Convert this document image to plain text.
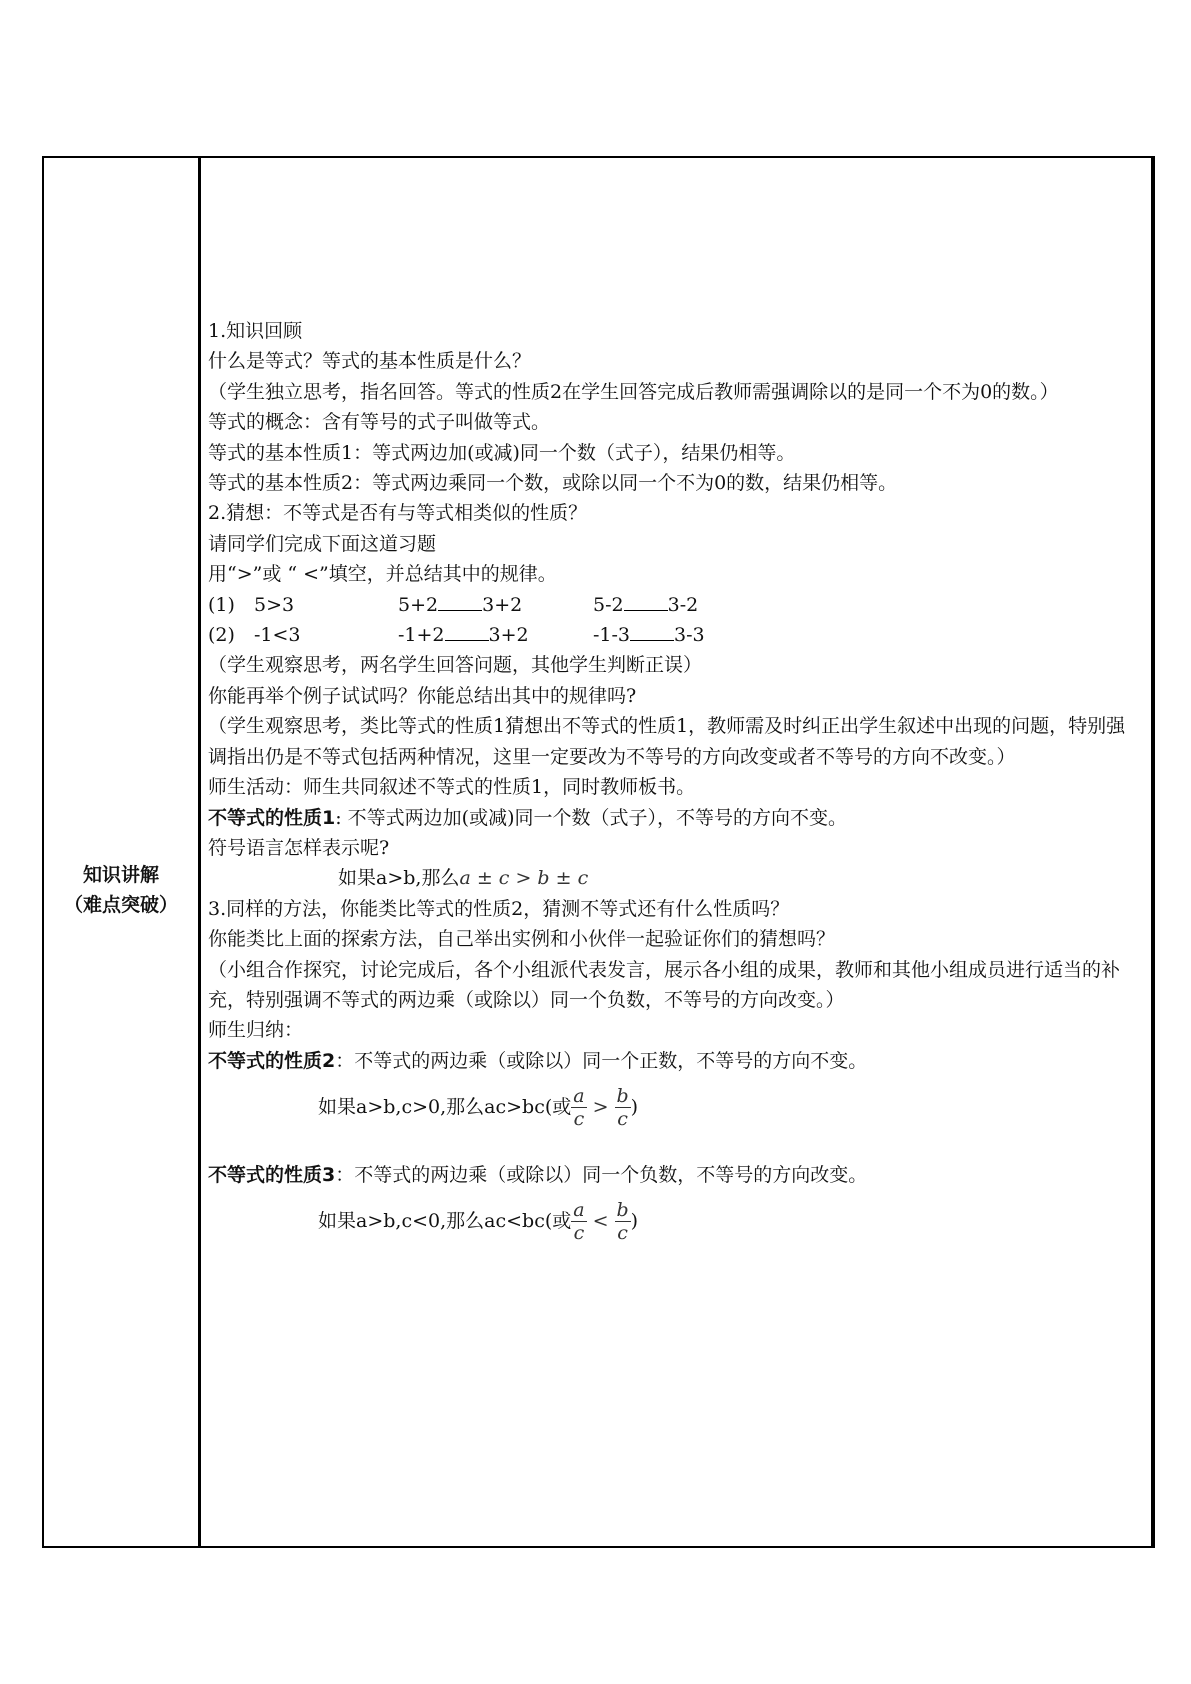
知识讲解
（难点突破）

1.知识回顾

什么是等式？等式的基本性质是什么？

（学生独立思考，指名回答。等式的性质2在学生回答完成后教师需强调除以的是同一个不为0的数。）

等式的概念：含有等号的式子叫做等式。

等式的基本性质1：等式两边加(或减)同一个数（式子），结果仍相等。

等式的基本性质2：等式两边乘同一个数，或除以同一个不为0的数，结果仍相等。

2.猜想：不等式是否有与等式相类似的性质？

请同学们完成下面这道习题

用“>”或 “ <”填空，并总结其中的规律。

(1)	5>3	5+2 3+2	5-2 3-2

(2)	-1<3	-1+2 3+2	-1-3 3-3

（学生观察思考，两名学生回答问题，其他学生判断正误）

你能再举个例子试试吗？你能总结出其中的规律吗?

（学生观察思考，类比等式的性质1猜想出不等式的性质1，教师需及时纠正出学生叙述中出现的问题，特别强调指出仍是不等式包括两种情况，这里一定要改为不等号的方向改变或者不等号的方向不改变。）

师生活动：师生共同叙述不等式的性质1，同时教师板书。

不等式的性质1: 不等式两边加(或减)同一个数（式子），不等号的方向不变。

符号语言怎样表示呢?

如果a>b,那么a ± c > b ± c

3.同样的方法，你能类比等式的性质2，猜测不等式还有什么性质吗？

你能类比上面的探索方法，自己举出实例和小伙伴一起验证你们的猜想吗？

（小组合作探究，讨论完成后，各个小组派代表发言，展示各小组的成果，教师和其他小组成员进行适当的补充，特别强调不等式的两边乘（或除以）同一个负数，不等号的方向改变。）

师生归纳：

不等式的性质2：不等式的两边乘（或除以）同一个正数，不等号的方向不变。

如果a>b,c>0,那么ac>bc(或 $\frac{a}{c} > \frac{b}{c}$ )

不等式的性质3：不等式的两边乘（或除以）同一个负数，不等号的方向改变。

如果a>b,c<0,那么ac<bc(或 $\frac{a}{c} < \frac{b}{c}$ )
